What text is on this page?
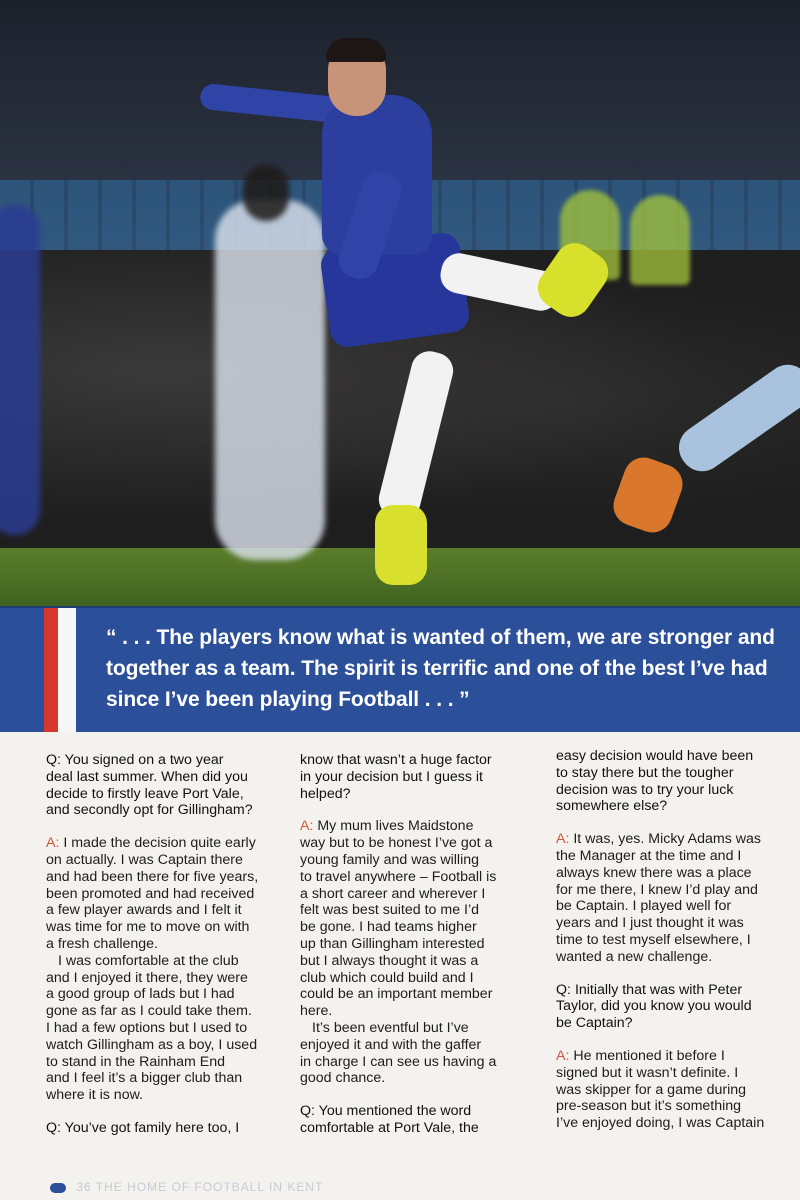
“ . . . The players know what is wanted of them, we are stronger and
together as a team. The spirit is terrific and one of the best I’ve had
since I’ve been playing Football . . . ”

Q: You signed on a two year
deal last summer. When did you
decide to firstly leave Port Vale,
and secondly opt for Gillingham?

A: I made the decision quite early
on actually. I was Captain there
and had been there for five years,
been promoted and had received
a few player awards and I felt it
was time for me to move on with
a fresh challenge.

I was comfortable at the club
and I enjoyed it there, they were
a good group of lads but I had
gone as far as I could take them.
I had a few options but I used to
watch Gillingham as a boy, I used
to stand in the Rainham End
and I feel it’s a bigger club than
where it is now.

Q: You’ve got family here too, I

know that wasn’t a huge factor
in your decision but I guess it
helped?

A: My mum lives Maidstone
way but to be honest I’ve got a
young family and was willing
to travel anywhere – Football is
a short career and wherever I
felt was best suited to me I’d
be gone. I had teams higher
up than Gillingham interested
but I always thought it was a
club which could build and I
could be an important member
here.

It’s been eventful but I’ve
enjoyed it and with the gaffer
in charge I can see us having a
good chance.

Q: You mentioned the word
comfortable at Port Vale, the

easy decision would have been
to stay there but the tougher
decision was to try your luck
somewhere else?

A: It was, yes. Micky Adams was
the Manager at the time and I
always knew there was a place
for me there, I knew I’d play and
be Captain. I played well for
years and I just thought it was
time to test myself elsewhere, I
wanted a new challenge.

Q: Initially that was with Peter
Taylor, did you know you would
be Captain?

A: He mentioned it before I
signed but it wasn’t definite. I
was skipper for a game during
pre-season but it’s something
I’ve enjoyed doing, I was Captain

36 THE HOME OF FOOTBALL IN KENT
